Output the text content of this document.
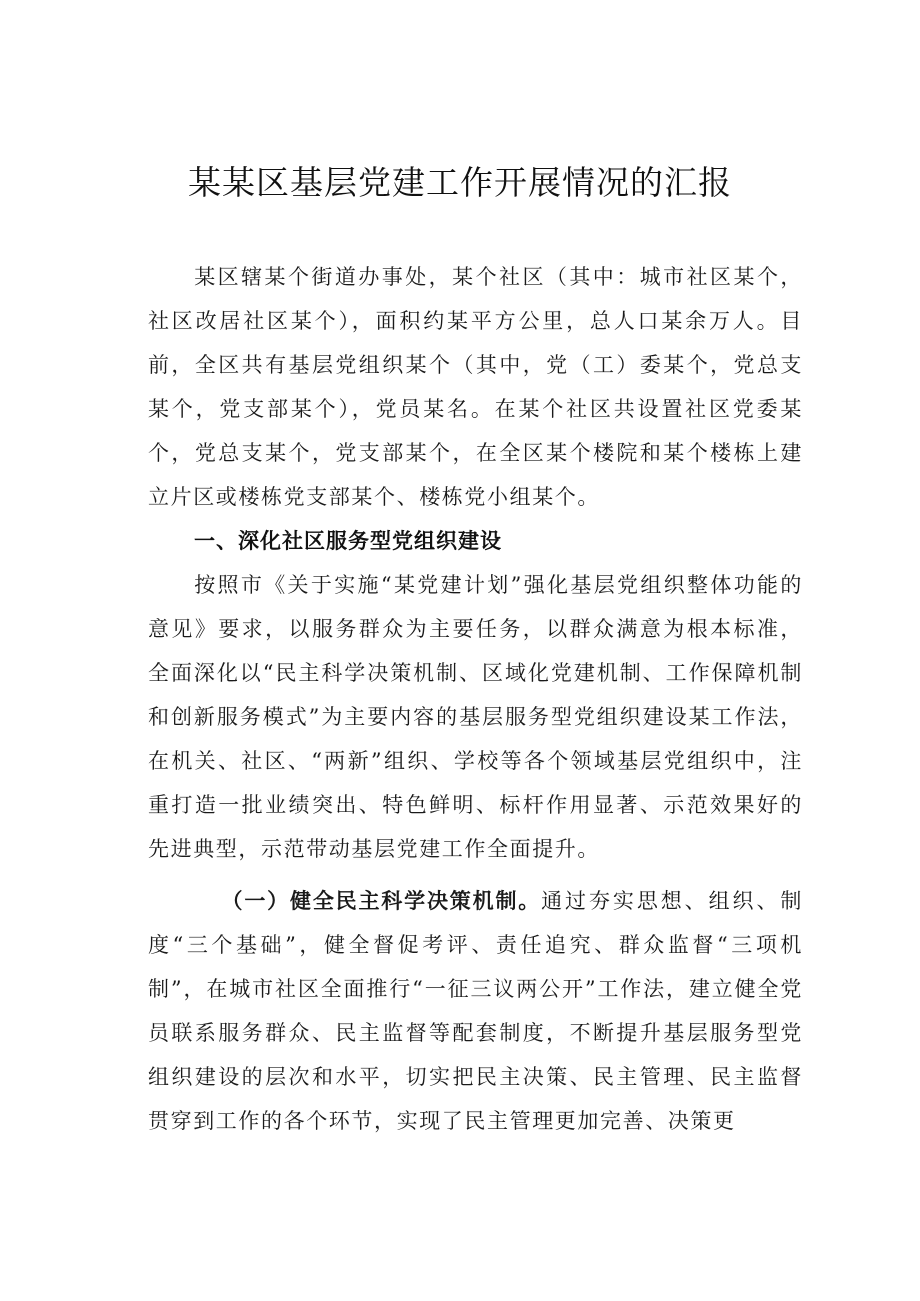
某某区基层党建工作开展情况的汇报

某区辖某个街道办事处，某个社区（其中：城市社区某个，社区改居社区某个），面积约某平方公里，总人口某余万人。目前，全区共有基层党组织某个（其中，党（工）委某个，党总支某个，党支部某个），党员某名。在某个社区共设置社区党委某个，党总支某个，党支部某个，在全区某个楼院和某个楼栋上建立片区或楼栋党支部某个、楼栋党小组某个。

一、深化社区服务型党组织建设

按照市《关于实施“某党建计划”强化基层党组织整体功能的意见》要求，以服务群众为主要任务，以群众满意为根本标准，全面深化以“民主科学决策机制、区域化党建机制、工作保障机制和创新服务模式”为主要内容的基层服务型党组织建设某工作法，在机关、社区、“两新”组织、学校等各个领域基层党组织中，注重打造一批业绩突出、特色鲜明、标杆作用显著、示范效果好的先进典型，示范带动基层党建工作全面提升。

（一）健全民主科学决策机制。通过夯实思想、组织、制度“三个基础”，健全督促考评、责任追究、群众监督“三项机制”，在城市社区全面推行“一征三议两公开”工作法，建立健全党员联系服务群众、民主监督等配套制度，不断提升基层服务型党组织建设的层次和水平，切实把民主决策、民主管理、民主监督贯穿到工作的各个环节，实现了民主管理更加完善、决策更
